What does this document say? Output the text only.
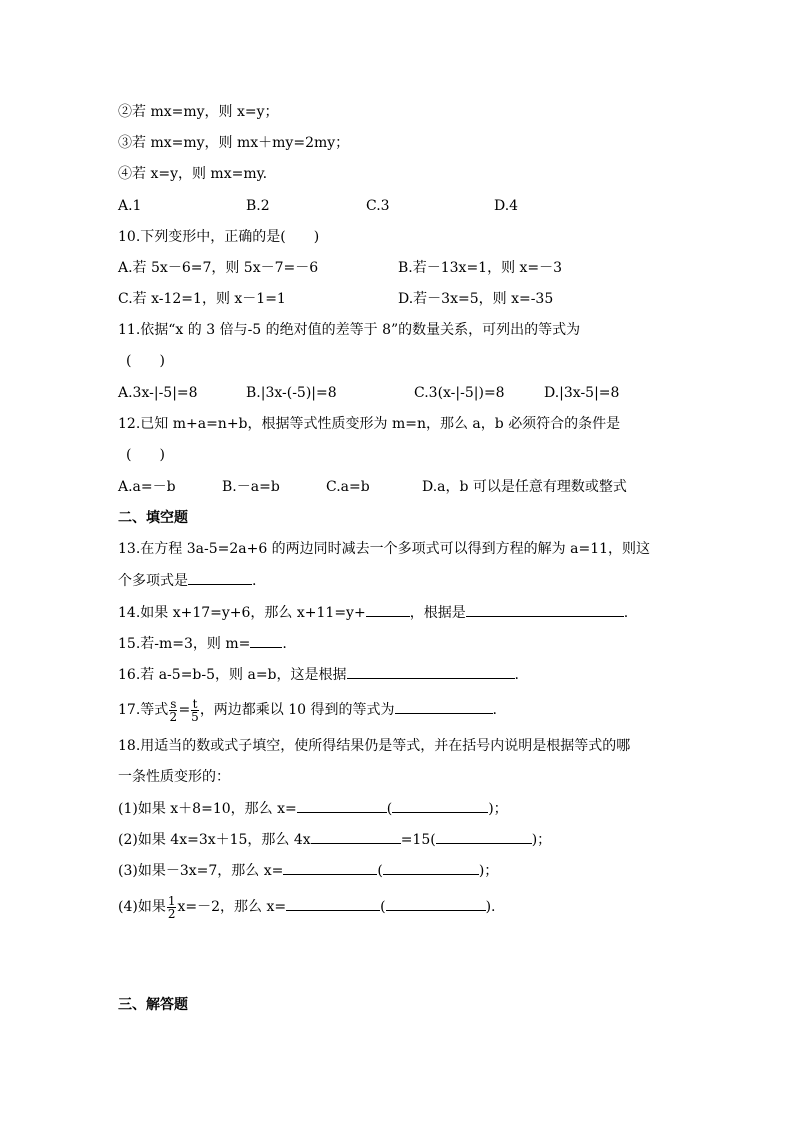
②若 mx=my，则 x=y；
③若 mx=my，则 mx＋my=2my；
④若 x=y，则 mx=my.
A.1	B.2	C.3	D.4
10.下列变形中，正确的是(　　)
A.若 5x－6=7，则 5x－7=－6	B.若－13x=1，则 x=－3
C.若 x-12=1，则 x－1=1	D.若－3x=5，则 x=-35
11.依据“x 的 3 倍与-5 的绝对值的差等于 8”的数量关系，可列出的等式为
(　　)
A.3x-|-5|=8	B.|3x-(-5)|=8	C.3(x-|-5|)=8	D.|3x-5|=8
12.已知 m+a=n+b，根据等式性质变形为 m=n，那么 a，b 必须符合的条件是
(　　)
A.a=－b	B.－a=b	C.a=b	D.a，b 可以是任意有理数或整式
二、填空题
13.在方程 3a-5=2a+6 的两边同时减去一个多项式可以得到方程的解为 a=11，则这
个多项式是	.
14.如果 x+17=y+6，那么 x+11=y+	，根据是	.
15.若-m=3，则 m= .
16.若 a-5=b-5，则 a=b，这是根据	.
17.等式 $\frac{s}{2} = \frac{t}{5}$ ，两边都乘以 10 得到的等式为	.
18.用适当的数或式子填空，使所得结果仍是等式，并在括号内说明是根据等式的哪
一条性质变形的：
(1)如果 x＋8=10，那么 x=	(	)；
(2)如果 4x=3x＋15，那么 4x	=15(	)；
(3)如果－3x=7，那么 x=	(	)；
(4)如果 $\frac{1}{2} x=-2$，那么 x=	(	).
三、解答题
